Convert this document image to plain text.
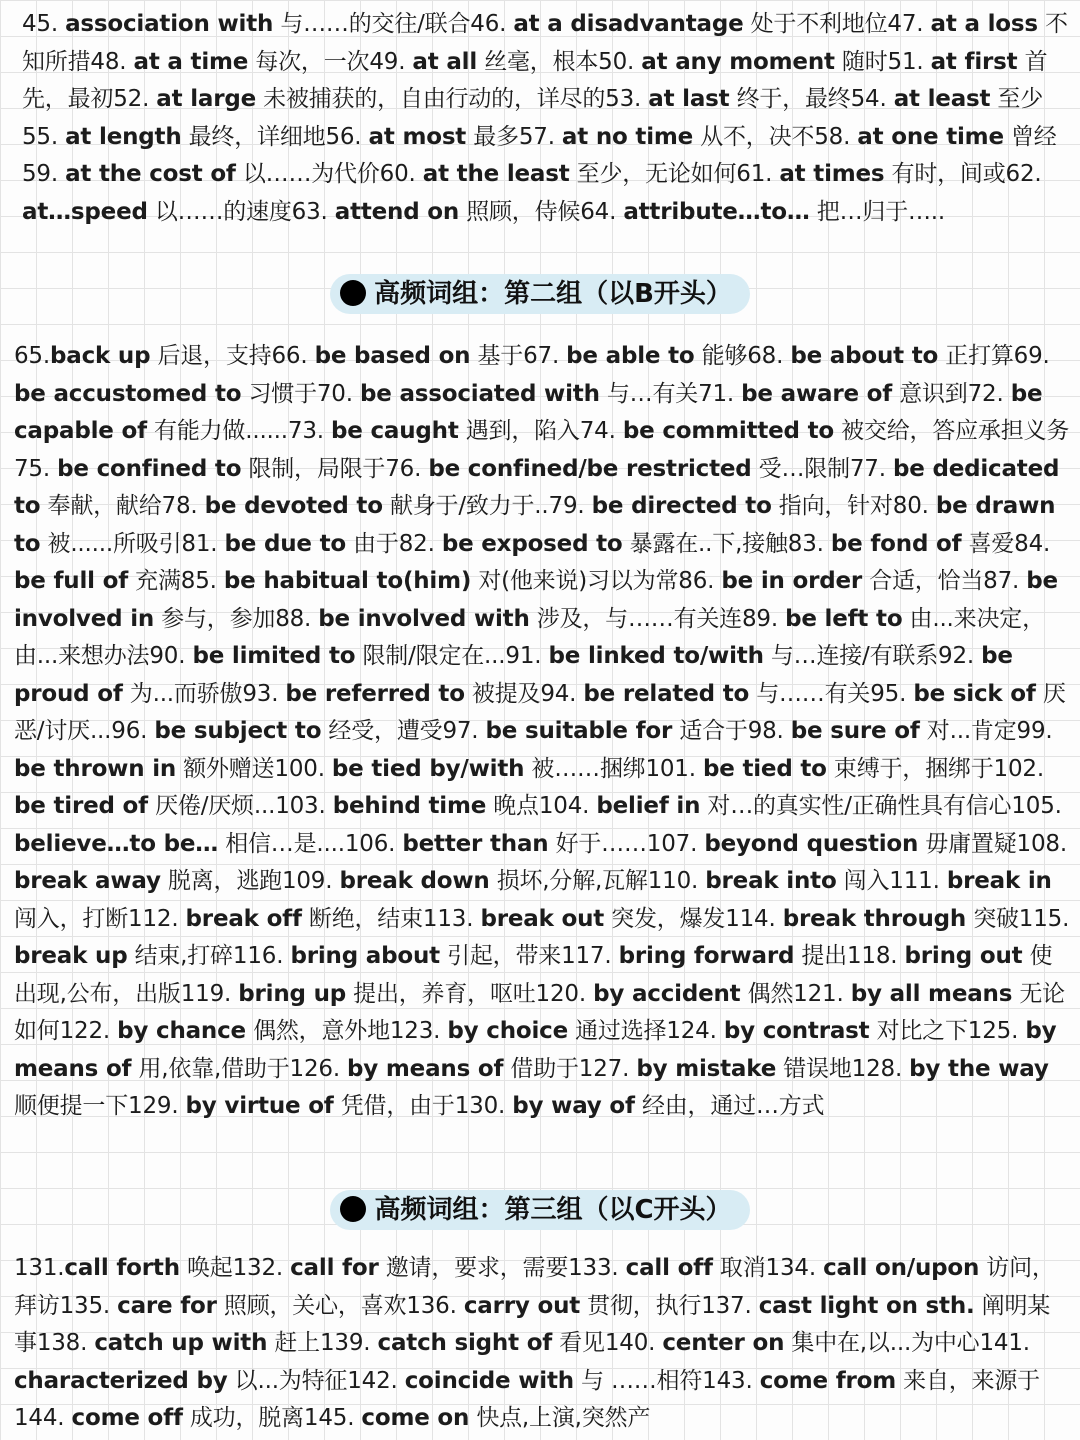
45. association with 与……的交往/联合46. at a disadvantage 处于不利地位47. at a loss 不知所措48. at a time 每次，一次49. at all 丝毫，根本50. at any moment 随时51. at first 首先，最初52. at large 未被捕获的，自由行动的，详尽的53. at last 终于，最终54. at least 至少55. at length 最终，详细地56. at most 最多57. at no time 从不，决不58. at one time 曾经59. at the cost of 以……为代价60. at the least 至少，无论如何61. at times 有时，间或62. at…speed 以……的速度63. attend on 照顾，侍候64. attribute…to… 把…归于…..
高频词组：第二组（以B开头）
65.back up 后退，支持66. be based on 基于67. be able to 能够68. be about to 正打算69. be accustomed to 习惯于70. be associated with 与…有关71. be aware of 意识到72. be capable of 有能力做......73. be caught 遇到，陷入74. be committed to 被交给，答应承担义务75. be confined to 限制，局限于76. be confined/be restricted 受…限制77. be dedicated to 奉献，献给78. be devoted to 献身于/致力于..79. be directed to 指向，针对80. be drawn to 被......所吸引81. be due to 由于82. be exposed to 暴露在..下,接触83. be fond of 喜爱84. be full of 充满85. be habitual to(him) 对(他来说)习以为常86. be in order 合适，恰当87. be involved in 参与，参加88. be involved with 涉及，与……有关连89. be left to 由...来决定，由...来想办法90. be limited to 限制/限定在...91. be linked to/with 与…连接/有联系92. be proud of 为...而骄傲93. be referred to 被提及94. be related to 与……有关95. be sick of 厌恶/讨厌...96. be subject to 经受，遭受97. be suitable for 适合于98. be sure of 对...肯定99. be thrown in 额外赠送100. be tied by/with 被……捆绑101. be tied to 束缚于，捆绑于102. be tired of 厌倦/厌烦...103. behind time 晚点104. belief in 对…的真实性/正确性具有信心105. believe…to be… 相信…是....106. better than 好于……107. beyond question 毋庸置疑108. break away 脱离，逃跑109. break down 损坏,分解,瓦解110. break into 闯入111. break in 闯入，打断112. break off 断绝，结束113. break out 突发，爆发114. break through 突破115. break up 结束,打碎116. bring about 引起，带来117. bring forward 提出118. bring out 使出现,公布，出版119. bring up 提出，养育，呕吐120. by accident 偶然121. by all means 无论如何122. by chance 偶然，意外地123. by choice 通过选择124. by contrast 对比之下125. by means of 用,依靠,借助于126. by means of 借助于127. by mistake 错误地128. by the way 顺便提一下129. by virtue of 凭借，由于130. by way of 经由，通过…方式
高频词组：第三组（以C开头）
131.call forth 唤起132. call for 邀请，要求，需要133. call off 取消134. call on/upon 访问，拜访135. care for 照顾，关心，喜欢136. carry out 贯彻，执行137. cast light on sth. 阐明某事138. catch up with 赶上139. catch sight of 看见140. center on 集中在,以...为中心141. characterized by 以...为特征142. coincide with 与 ……相符143. come from 来自，来源于144. come off 成功，脱离145. come on 快点,上演,突然产
